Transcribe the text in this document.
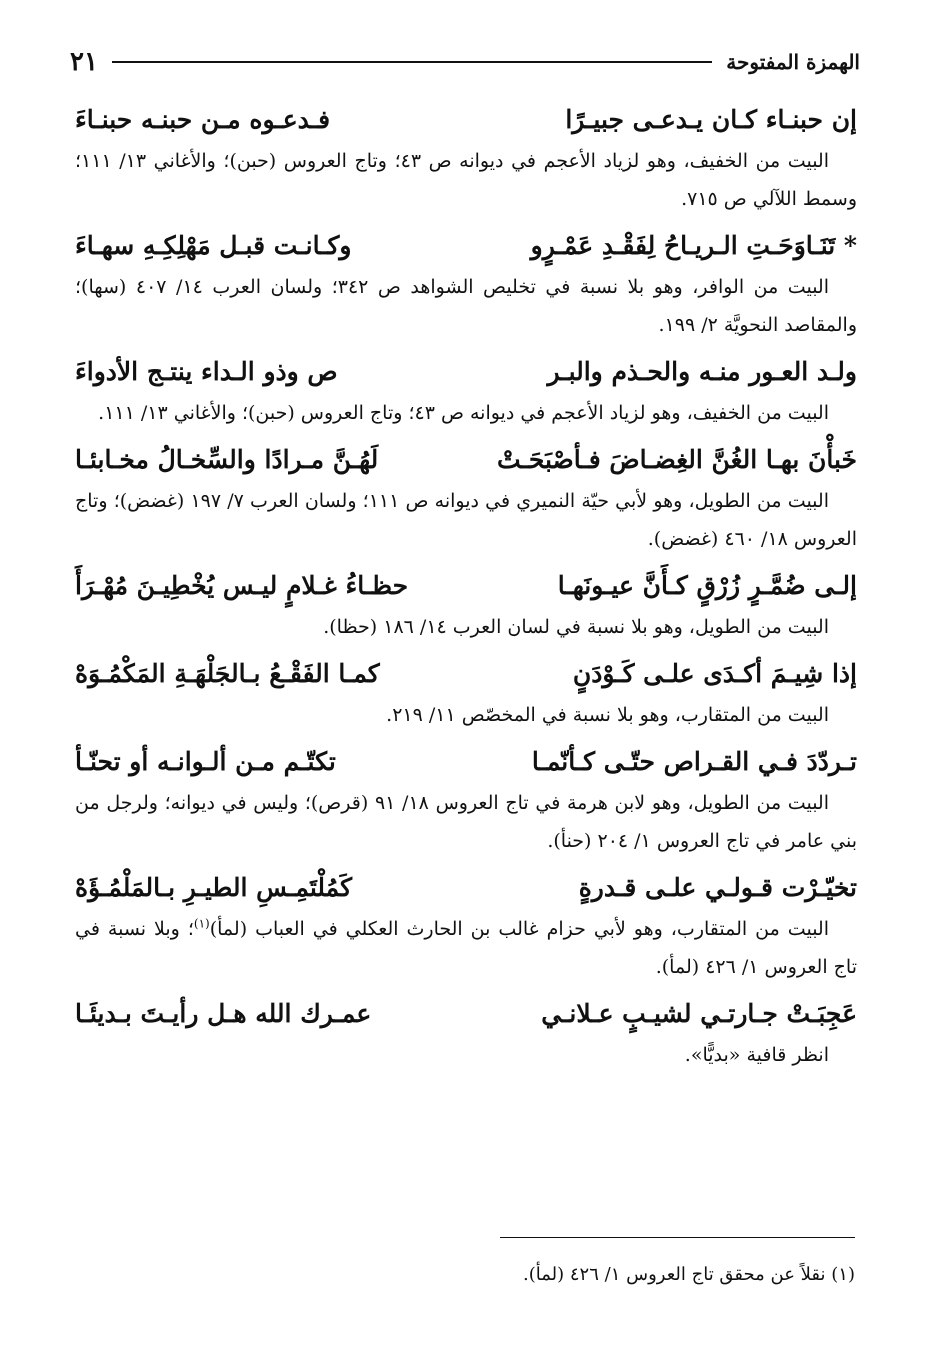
الهمزة المفتوحة
٢١
إن حبنـاء كـان يـدعـى جبيـرًا
فـدعـوه مـن حبنـه حبنـاءَ

البيت من الخفيف، وهو لزياد الأعجم في ديوانه ص ٤٣؛ وتاج العروس (حبن)؛ والأغاني ١٣/ ١١١؛ وسمط اللآلي ص ٧١٥.

* تَنَـاوَحَـتِ الـريـاحُ لِفَقْـدِ عَمْـرٍو
وكـانـت قبـل مَهْلِكِـهِ سهـاءَ

البيت من الوافر، وهو بلا نسبة في تخليص الشواهد ص ٣٤٢؛ ولسان العرب ١٤/ ٤٠٧ (سها)؛ والمقاصد النحويَّة ٢/ ١٩٩.

ولـد العـور منـه والحـذم والبـر
ص وذو الـداء ينتـج الأدواءَ

البيت من الخفيف، وهو لزياد الأعجم في ديوانه ص ٤٣؛ وتاج العروس (حبن)؛ والأغاني ١٣/ ١١١.

خَبأْنَ بهـا الغُنَّ الغِضـاضَ فـأصْبَحَـتْ
لَهُـنَّ مـرادًا والسِّخـالُ مخـابئـا

البيت من الطويل، وهو لأبي حيّة النميري في ديوانه ص ١١١؛ ولسان العرب ٧/ ١٩٧ (غضض)؛ وتاج العروس ١٨/ ٤٦٠ (غضض).

إلـى ضُمَّـرٍ زُرْقٍ كـأَنَّ عيـونَهـا
حظـاءُ غـلامٍ ليـس يُخْطِيـنَ مُهْـرَأَ

البيت من الطويل، وهو بلا نسبة في لسان العرب ١٤/ ١٨٦ (حظا).

إذا شِيـمَ أكـدَى علـى كَـوْدَنٍ
كمـا الفَقْـعُ بـالجَلْهَـةِ المَكْمُـوَهْ

البيت من المتقارب، وهو بلا نسبة في المخصّص ١١/ ٢١٩.

تـردّدَ فـي القـراص حتّـى كـأنّمـا
تكتّـم مـن ألـوانـه أو تحنّـأ

البيت من الطويل، وهو لابن هرمة في تاج العروس ١٨/ ٩١ (قرص)؛ وليس في ديوانه؛ ولرجل من بني عامر في تاج العروس ١/ ٢٠٤ (حنأ).

تخيّـرْت قـولـي علـى قـدرةٍ
كَمُلْتَمِـسِ الطيـرِ بـالمَلْمُـؤَهْ

البيت من المتقارب، وهو لأبي حزام غالب بن الحارث العكلي في العباب (لمأ)$^{(١)}$؛ وبلا نسبة في تاج العروس ١/ ٤٢٦ (لمأ).

عَجِبَـتْ جـارتـي لشيـبٍ عـلانـي
عمـرك الله هـل رأيـتَ بـديئَـا

انظر قافية «بديًّا».

(١) نقلاً عن محقق تاج العروس ١/ ٤٢٦ (لمأ).
